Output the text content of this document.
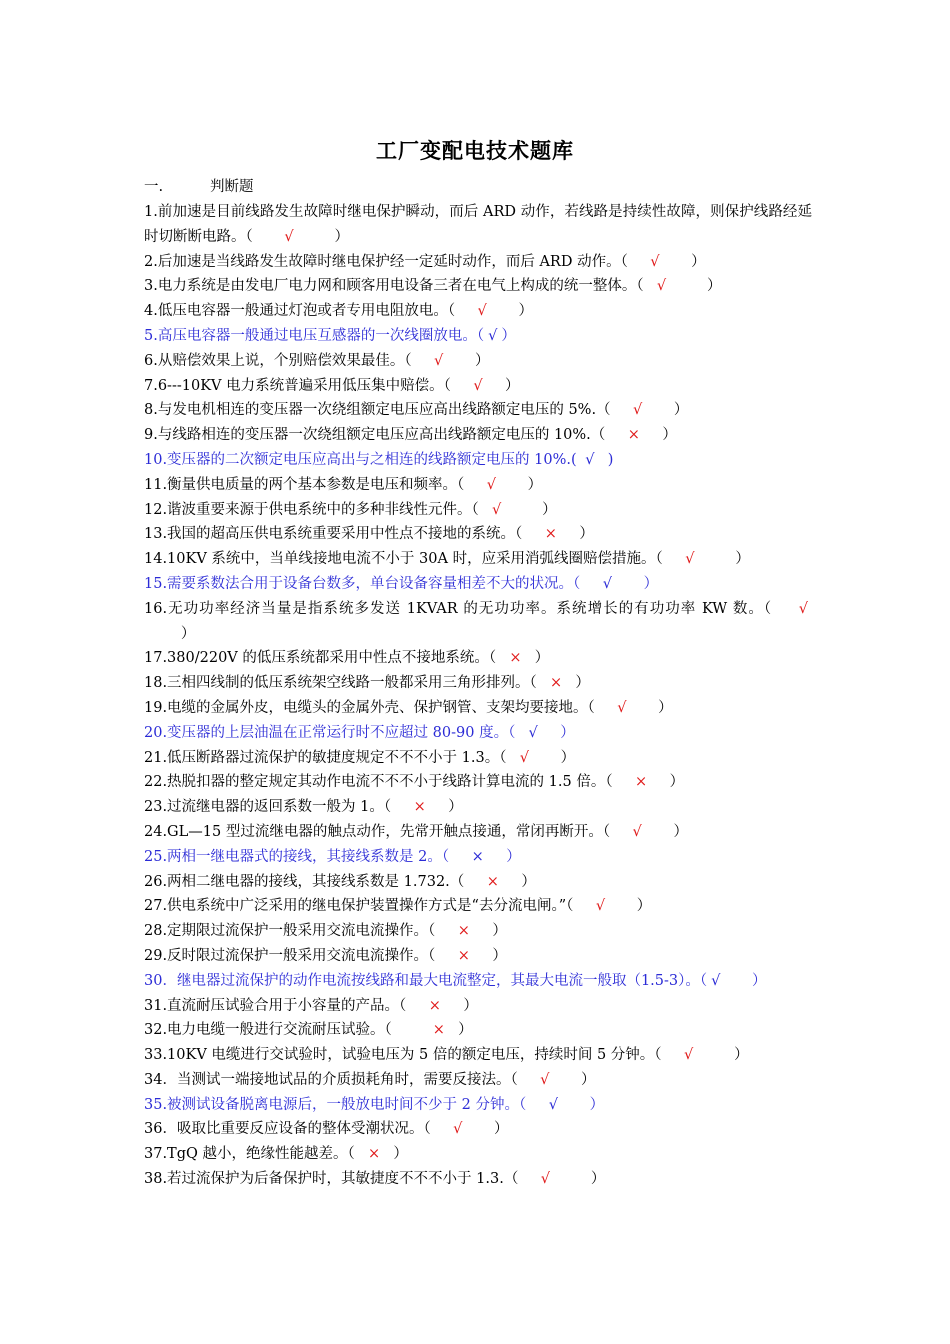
工厂变配电技术题库
一.	判断题
1.前加速是目前线路发生故障时继电保护瞬动，而后 ARD 动作，若线路是持续性故障，则保护线路经延时切断断电路。（ √	）
2.后加速是当线路发生故障时继电保护经一定延时动作，而后 ARD 动作。（ √ ）
3.电力系统是由发电厂电力网和顾客用电设备三者在电气上构成的统一整体。（ √	）
4.低压电容器一般通过灯泡或者专用电阻放电。（ √ ）
5.高压电容器一般通过电压互感器的一次线圈放电。（ √ ）
6.从赔偿效果上说，个别赔偿效果最佳。（ √ ）
7.6---10KV 电力系统普遍采用低压集中赔偿。（ √ ）
8.与发电机相连的变压器一次绕组额定电压应高出线路额定电压的 5%.（ √ ）
9.与线路相连的变压器一次绕组额定电压应高出线路额定电压的 10%.（ × ）
10.变压器的二次额定电压应高出与之相连的线路额定电压的 10%.( √ )
11.衡量供电质量的两个基本参数是电压和频率。（ √ ）
12.谐波重要来源于供电系统中的多种非线性元件。（ √	）
13.我国的超高压供电系统重要采用中性点不接地的系统。（ × ）
14.10KV 系统中，当单线接地电流不小于 30A 时，应采用消弧线圈赔偿措施。（ √	）
15.需要系数法合用于设备台数多，单台设备容量相差不大的状况。（ √ ）
16.无功功率经济当量是指系统多发送 1KVAR 的无功功率。系统增长的有功功率 KW 数。（ √        ）
17.380/220V 的低压系统都采用中性点不接地系统。（ × ）
18.三相四线制的低压系统架空线路一般都采用三角形排列。（ × ）
19.电缆的金属外皮，电缆头的金属外壳、保护钢管、支架均要接地。（ √ ）
20.变压器的上层油温在正常运行时不应超过 80-90 度。（ √ ）
21.低压断路器过流保护的敏捷度规定不不不小于 1.3。（ √ ）
22.热脱扣器的整定规定其动作电流不不不小于线路计算电流的 1.5 倍。（ × ）
23.过流继电器的返回系数一般为 1。（ × ）
24.GL—15 型过流继电器的触点动作，先常开触点接通，常闭再断开。（ √ ）
25.两相一继电器式的接线，其接线系数是 2。（ × ）
26.两相二继电器的接线，其接线系数是 1.732.（ × ）
27.供电系统中广泛采用的继电保护装置操作方式是“去分流电闸。”（ √ ）
28.定期限过流保护一般采用交流电流操作。（ × ）
29.反时限过流保护一般采用交流电流操作。（ × ）
30．继电器过流保护的动作电流按线路和最大电流整定，其最大电流一般取（1.5-3）。（ √ ）
31.直流耐压试验合用于小容量的产品。（ × ）
32.电力电缆一般进行交流耐压试验。（	× ）
33.10KV 电缆进行交试验时，试验电压为 5 倍的额定电压，持续时间 5 分钟。（ √	）
34．当测试一端接地试品的介质损耗角时，需要反接法。（ √ ）
35.被测试设备脱离电源后，一般放电时间不少于 2 分钟。（ √ ）
36．吸取比重要反应设备的整体受潮状况。（ √ ）
37.TgQ 越小，绝缘性能越差。（ × ）
38.若过流保护为后备保护时，其敏捷度不不不小于 1.3.（ √	）
